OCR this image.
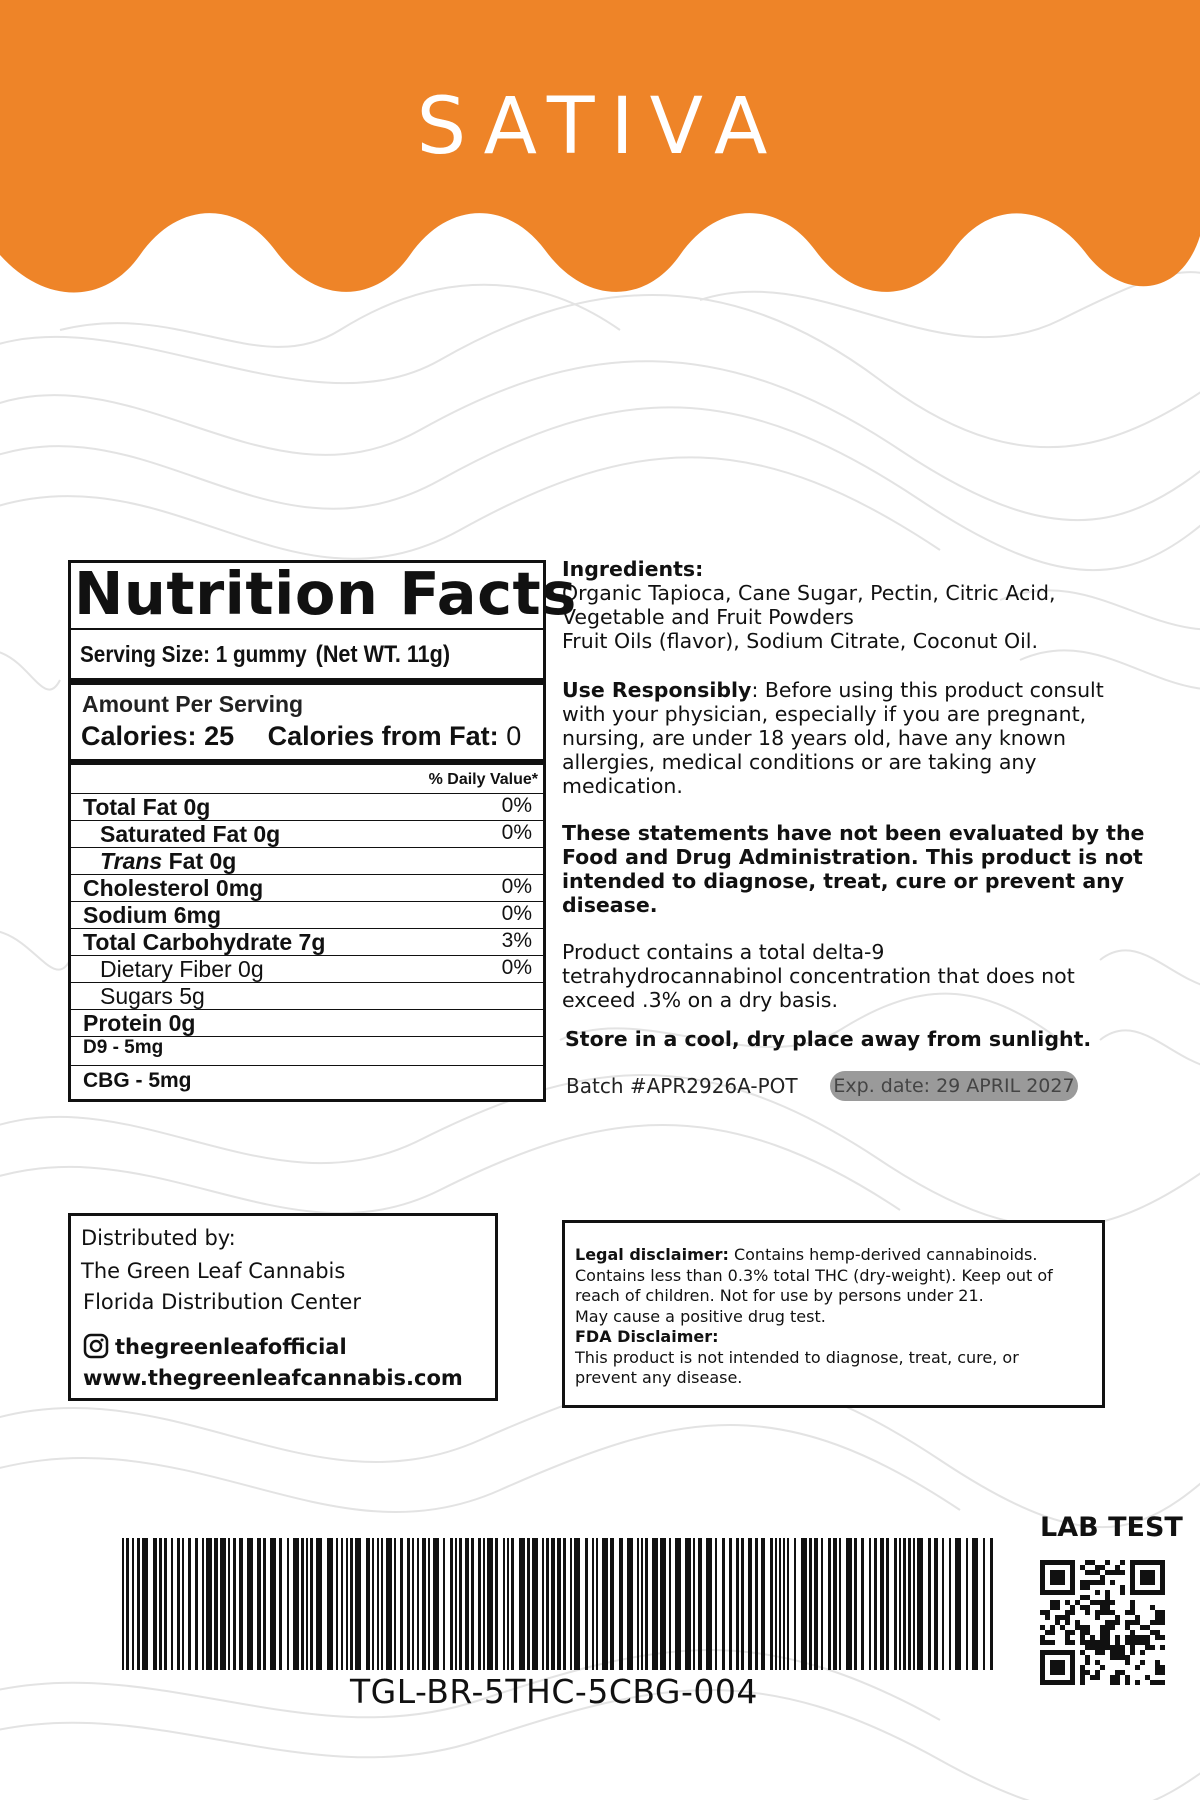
SATIVA
Nutrition Facts
Serving Size: 1 gummy (Net WT. 11g)
Amount Per Serving
Calories: 25 Calories from Fat: 0
% Daily Value*
Total Fat 0g	0%
Saturated Fat 0g	0%
Trans Fat 0g
Cholesterol 0mg	0%
Sodium 6mg	0%
Total Carbohydrate 7g	3%
Dietary Fiber 0g	0%
Sugars 5g
Protein 0g
D9 - 5mg
CBG - 5mg
Ingredients:
Organic Tapioca, Cane Sugar, Pectin, Citric Acid,
Vegetable and Fruit Powders
Fruit Oils (flavor), Sodium Citrate, Coconut Oil.
Use Responsibly: Before using this product consult
with your physician, especially if you are pregnant,
nursing, are under 18 years old, have any known
allergies, medical conditions or are taking any
medication.
These statements have not been evaluated by the
Food and Drug Administration. This product is not
intended to diagnose, treat, cure or prevent any
disease.
Product contains a total delta-9
tetrahydrocannabinol concentration that does not
exceed .3% on a dry basis.
Store in a cool, dry place away from sunlight.
Batch #APR2926A-POT Exp. date: 29 APRIL 2027
Distributed by:
The Green Leaf Cannabis
Florida Distribution Center
thegreenleafofficial
www.thegreenleafcannabis.com
Legal disclaimer: Contains hemp-derived cannabinoids.
Contains less than 0.3% total THC (dry-weight). Keep out of
reach of children. Not for use by persons under 21.
May cause a positive drug test.
FDA Disclaimer:
This product is not intended to diagnose, treat, cure, or
prevent any disease.
TGL-BR-5THC-5CBG-004
LAB TEST
